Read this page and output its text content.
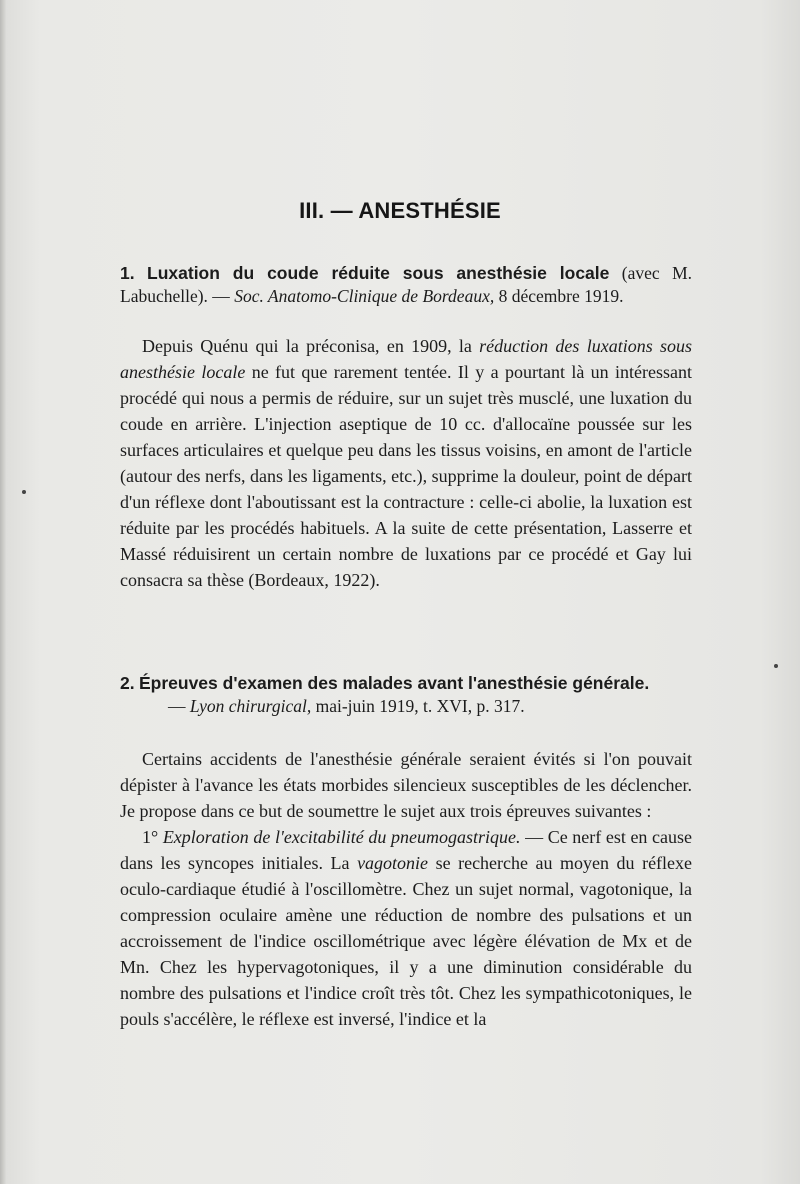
III. — ANESTHÉSIE
1. Luxation du coude réduite sous anesthésie locale (avec M. Labuchelle). — Soc. Anatomo-Clinique de Bordeaux, 8 décembre 1919.

Depuis Quénu qui la préconisa, en 1909, la réduction des luxations sous anesthésie locale ne fut que rarement tentée. Il y a pourtant là un intéressant procédé qui nous a permis de réduire, sur un sujet très musclé, une luxation du coude en arrière. L'injection aseptique de 10 cc. d'allocaïne poussée sur les surfaces articulaires et quelque peu dans les tissus voisins, en amont de l'article (autour des nerfs, dans les ligaments, etc.), supprime la douleur, point de départ d'un réflexe dont l'aboutissant est la contracture : celle-ci abolie, la luxation est réduite par les procédés habituels. A la suite de cette présentation, Lasserre et Massé réduisirent un certain nombre de luxations par ce procédé et Gay lui consacra sa thèse (Bordeaux, 1922).

2. Épreuves d'examen des malades avant l'anesthésie générale.
— Lyon chirurgical, mai-juin 1919, t. XVI, p. 317.

Certains accidents de l'anesthésie générale seraient évités si l'on pouvait dépister à l'avance les états morbides silencieux susceptibles de les déclencher. Je propose dans ce but de soumettre le sujet aux trois épreuves suivantes :

1° Exploration de l'excitabilité du pneumogastrique. — Ce nerf est en cause dans les syncopes initiales. La vagotonie se recherche au moyen du réflexe oculo-cardiaque étudié à l'oscillomètre. Chez un sujet normal, vagotonique, la compression oculaire amène une réduction de nombre des pulsations et un accroissement de l'indice oscillométrique avec légère élévation de Mx et de Mn. Chez les hypervagotoniques, il y a une diminution considérable du nombre des pulsations et l'indice croît très tôt. Chez les sympathicotoniques, le pouls s'accélère, le réflexe est inversé, l'indice et la
